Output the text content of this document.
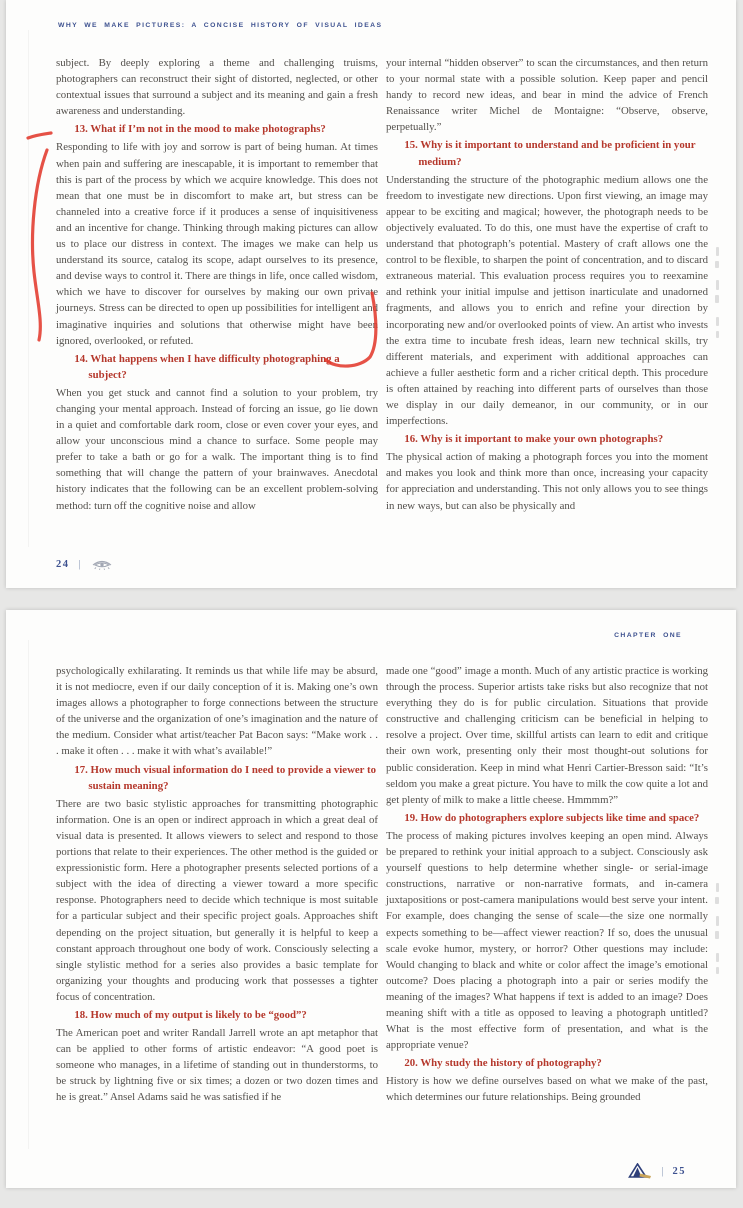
WHY WE MAKE PICTURES: A CONCISE HISTORY OF VISUAL IDEAS
subject. By deeply exploring a theme and challenging truisms, photographers can reconstruct their sight of distorted, neglected, or other contextual issues that surround a subject and its meaning and gain a fresh awareness and understanding.
13. What if I’m not in the mood to make photographs?
Responding to life with joy and sorrow is part of being human. At times when pain and suffering are inescapable, it is important to remember that this is part of the process by which we acquire knowledge. This does not mean that one must be in discomfort to make art, but stress can be channeled into a creative force if it produces a sense of inquisitiveness and an incentive for change. Thinking through making pictures can allow us to place our distress in context. The images we make can help us understand its source, catalog its scope, adapt ourselves to its presence, and devise ways to control it. There are things in life, once called wisdom, which we have to discover for ourselves by making our own private journeys. Stress can be directed to open up possibilities for intelligent and imaginative inquiries and solutions that otherwise might have been ignored, overlooked, or refuted.
14. What happens when I have difficulty photographing a subject?
When you get stuck and cannot find a solution to your problem, try changing your mental approach. Instead of forcing an issue, go lie down in a quiet and comfortable dark room, close or even cover your eyes, and allow your unconscious mind a chance to surface. Some people may prefer to take a bath or go for a walk. The important thing is to find something that will change the pattern of your brainwaves. Anecdotal history indicates that the following can be an excellent problem-solving method: turn off the cognitive noise and allow
your internal “hidden observer” to scan the circumstances, and then return to your normal state with a possible solution. Keep paper and pencil handy to record new ideas, and bear in mind the advice of French Renaissance writer Michel de Montaigne: “Observe, observe, perpetually.”
15. Why is it important to understand and be proficient in your medium?
Understanding the structure of the photographic medium allows one the freedom to investigate new directions. Upon first viewing, an image may appear to be exciting and magical; however, the photograph needs to be objectively evaluated. To do this, one must have the expertise of craft to understand that photograph’s potential. Mastery of craft allows one the control to be flexible, to sharpen the point of concentration, and to discard extraneous material. This evaluation process requires you to reexamine and rethink your initial impulse and jettison inarticulate and unadorned fragments, and allows you to enrich and refine your direction by incorporating new and/or overlooked points of view. An artist who invests the extra time to incubate fresh ideas, learn new technical skills, try different materials, and experiment with additional approaches can achieve a fuller aesthetic form and a richer critical depth. This procedure is often attained by reaching into different parts of ourselves than those we display in our daily demeanor, in our community, or in our imperfections.
16. Why is it important to make your own photographs?
The physical action of making a photograph forces you into the moment and makes you look and think more than once, increasing your capacity for appreciation and understanding. This not only allows you to see things in new ways, but can also be physically and
24 |
CHAPTER ONE
psychologically exhilarating. It reminds us that while life may be absurd, it is not mediocre, even if our daily conception of it is. Making one’s own images allows a photographer to forge connections between the structure of the universe and the organization of one’s imagination and the nature of the medium. Consider what artist/teacher Pat Bacon says: “Make work . . . make it often . . . make it with what’s available!”
17. How much visual information do I need to provide a viewer to sustain meaning?
There are two basic stylistic approaches for transmitting photographic information. One is an open or indirect approach in which a great deal of visual data is presented. It allows viewers to select and respond to those portions that relate to their experiences. The other method is the guided or expressionistic form. Here a photographer presents selected portions of a subject with the idea of directing a viewer toward a more specific response. Photographers need to decide which technique is most suitable for a particular subject and their specific project goals. Approaches shift depending on the project situation, but generally it is helpful to keep a constant approach throughout one body of work. Consciously selecting a single stylistic method for a series also provides a basic template for organizing your thoughts and producing work that possesses a tighter focus of concentration.
18. How much of my output is likely to be “good”?
The American poet and writer Randall Jarrell wrote an apt metaphor that can be applied to other forms of artistic endeavor: “A good poet is someone who manages, in a lifetime of standing out in thunderstorms, to be struck by lightning five or six times; a dozen or two dozen times and he is great.” Ansel Adams said he was satisfied if he
made one “good” image a month. Much of any artistic practice is working through the process. Superior artists take risks but also recognize that not everything they do is for public circulation. Situations that provide constructive and challenging criticism can be beneficial in helping to resolve a project. Over time, skillful artists can learn to edit and critique their own work, presenting only their most thought-out solutions for public consideration. Keep in mind what Henri Cartier-Bresson said: “It’s seldom you make a great picture. You have to milk the cow quite a lot and get plenty of milk to make a little cheese. Hmmmm?”
19. How do photographers explore subjects like time and space?
The process of making pictures involves keeping an open mind. Always be prepared to rethink your initial approach to a subject. Consciously ask yourself questions to help determine whether single- or serial-image constructions, narrative or non-narrative formats, and in-camera juxtapositions or post-camera manipulations would best serve your intent. For example, does changing the sense of scale—the size one normally expects something to be—affect viewer reaction? If so, does the unusual scale evoke humor, mystery, or horror? Other questions may include: Would changing to black and white or color affect the image’s emotional outcome? Does placing a photograph into a pair or series modify the meaning of the images? What happens if text is added to an image? Does meaning shift with a title as opposed to leaving a photograph untitled? What is the most effective form of presentation, and what is the appropriate venue?
20. Why study the history of photography?
History is how we define ourselves based on what we make of the past, which determines our future relationships. Being grounded
| 25
